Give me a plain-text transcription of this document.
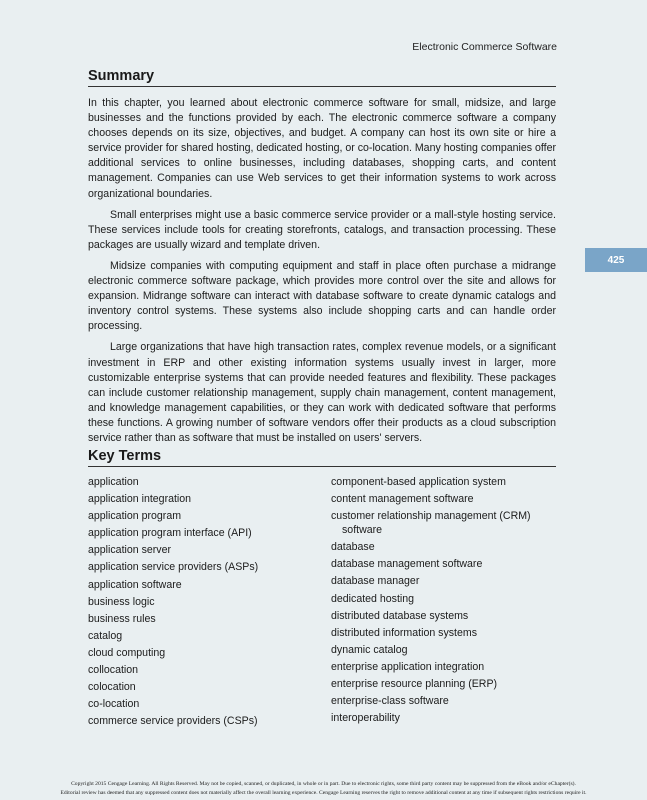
Electronic Commerce Software
425
Summary

In this chapter, you learned about electronic commerce software for small, midsize, and large businesses and the functions provided by each. The electronic commerce software a company chooses depends on its size, objectives, and budget. A company can host its own site or hire a service provider for shared hosting, dedicated hosting, or co-location. Many hosting companies offer additional services to online businesses, including databases, shopping carts, and content management. Companies can use Web services to get their information systems to work across organizational boundaries.

Small enterprises might use a basic commerce service provider or a mall-style hosting service. These services include tools for creating storefronts, catalogs, and transaction processing. These packages are usually wizard and template driven.

Midsize companies with computing equipment and staff in place often purchase a midrange electronic commerce software package, which provides more control over the site and allows for expansion. Midrange software can interact with database software to create dynamic catalogs and inventory control systems. These systems also include shopping carts and can handle order processing.

Large organizations that have high transaction rates, complex revenue models, or a significant investment in ERP and other existing information systems usually invest in larger, more customizable enterprise systems that can provide needed features and flexibility. These packages can include customer relationship management, supply chain management, content management, and knowledge management capabilities, or they can work with dedicated software that performs these functions. A growing number of software vendors offer their products as a cloud subscription service rather than as software that must be installed on users' servers.

Key Terms
application
application integration
application program
application program interface (API)
application server
application service providers (ASPs)
application software
business logic
business rules
catalog
cloud computing
collocation
colocation
co-location
commerce service providers (CSPs)
component-based application system
content management software
customer relationship management (CRM)
software
database
database management software
database manager
dedicated hosting
distributed database systems
distributed information systems
dynamic catalog
enterprise application integration
enterprise resource planning (ERP)
enterprise-class software
interoperability
Copyright 2015 Cengage Learning. All Rights Reserved. May not be copied, scanned, or duplicated, in whole or in part. Due to electronic rights, some third party content may be suppressed from the eBook and/or eChapter(s).
Editorial review has deemed that any suppressed content does not materially affect the overall learning experience. Cengage Learning reserves the right to remove additional content at any time if subsequent rights restrictions require it.
